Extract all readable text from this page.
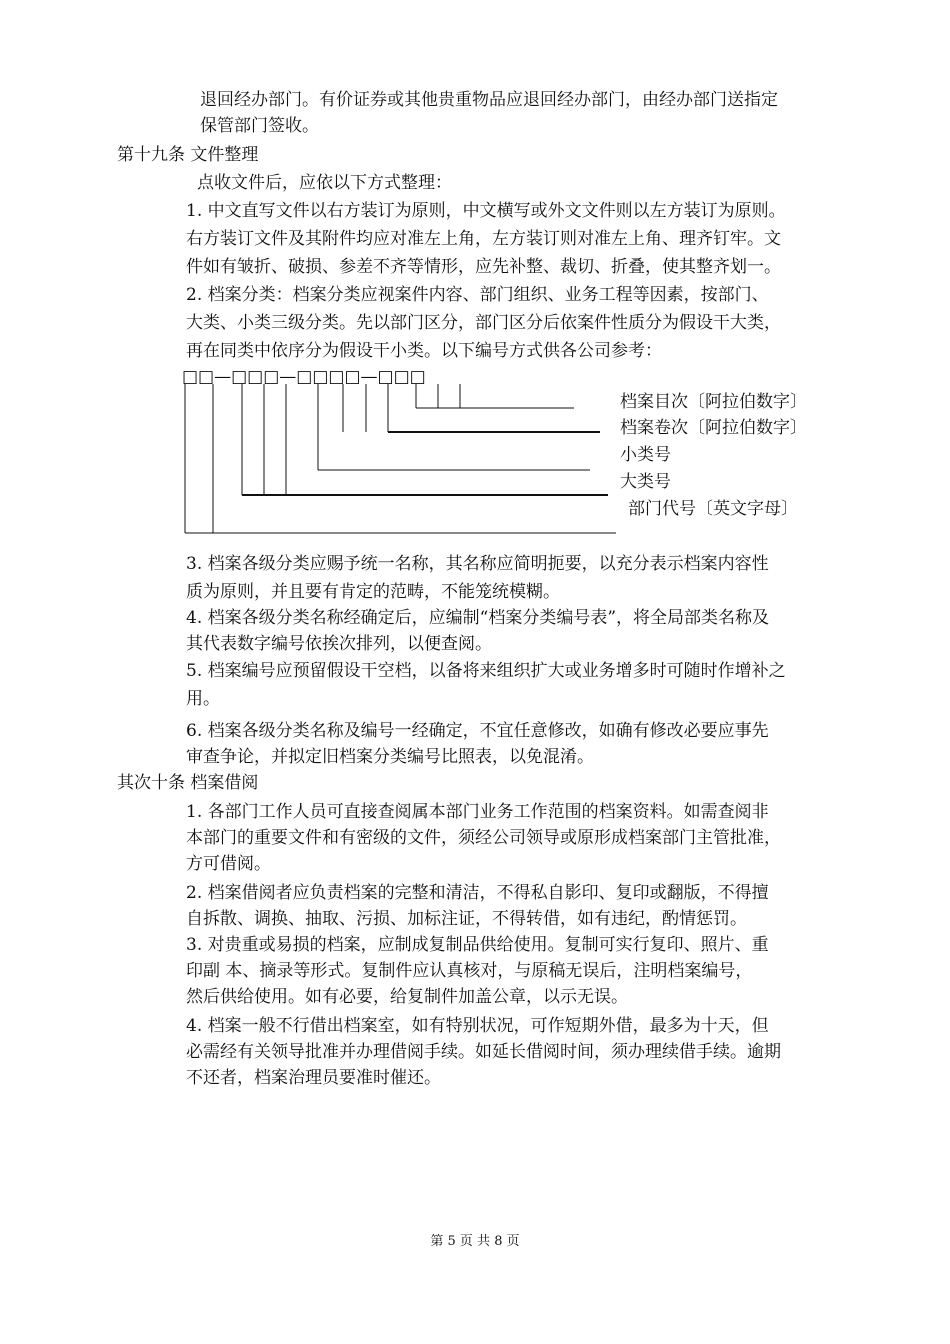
退回经办部门。有价证券或其他贵重物品应退回经办部门，由经办部门送指定
保管部门签收。
第十九条 文件整理
点收文件后，应依以下方式整理：
1. 中文直写文件以右方装订为原则，中文横写或外文文件则以左方装订为原则。
右方装订文件及其附件均应对准左上角，左方装订则对准左上角、理齐钉牢。文
件如有皱折、破损、参差不齐等情形，应先补整、裁切、折叠，使其整齐划一。
2. 档案分类：档案分类应视案件内容、部门组织、业务工程等因素，按部门、
大类、小类三级分类。先以部门区分，部门区分后依案件性质分为假设干大类，
再在同类中依序分为假设干小类。以下编号方式供各公司参考：
□□—□□□—□□□□—□□□
档案目次〔阿拉伯数字〕
档案卷次〔阿拉伯数字〕
小类号
大类号
部门代号〔英文字母〕
3. 档案各级分类应赐予统一名称，其名称应简明扼要，以充分表示档案内容性
质为原则，并且要有肯定的范畴，不能笼统模糊。
4. 档案各级分类名称经确定后，应编制“档案分类编号表”，将全局部类名称及
其代表数字编号依挨次排列，以便查阅。
5. 档案编号应预留假设干空档，以备将来组织扩大或业务增多时可随时作增补之
用。
6. 档案各级分类名称及编号一经确定，不宜任意修改，如确有修改必要应事先
审查争论，并拟定旧档案分类编号比照表，以免混淆。
其次十条 档案借阅
1. 各部门工作人员可直接查阅属本部门业务工作范围的档案资料。如需查阅非
本部门的重要文件和有密级的文件，须经公司领导或原形成档案部门主管批准，
方可借阅。
2. 档案借阅者应负责档案的完整和清洁，不得私自影印、复印或翻版，不得擅
自拆散、调换、抽取、污损、加标注证，不得转借，如有违纪，酌情惩罚。
3. 对贵重或易损的档案，应制成复制品供给使用。复制可实行复印、照片、重
印副 本、摘录等形式。复制件应认真核对，与原稿无误后，注明档案编号，
然后供给使用。如有必要，给复制件加盖公章，以示无误。
4. 档案一般不行借出档案室，如有特别状况，可作短期外借，最多为十天，但
必需经有关领导批准并办理借阅手续。如延长借阅时间，须办理续借手续。逾期
不还者，档案治理员要准时催还。
第 5 页 共 8 页
